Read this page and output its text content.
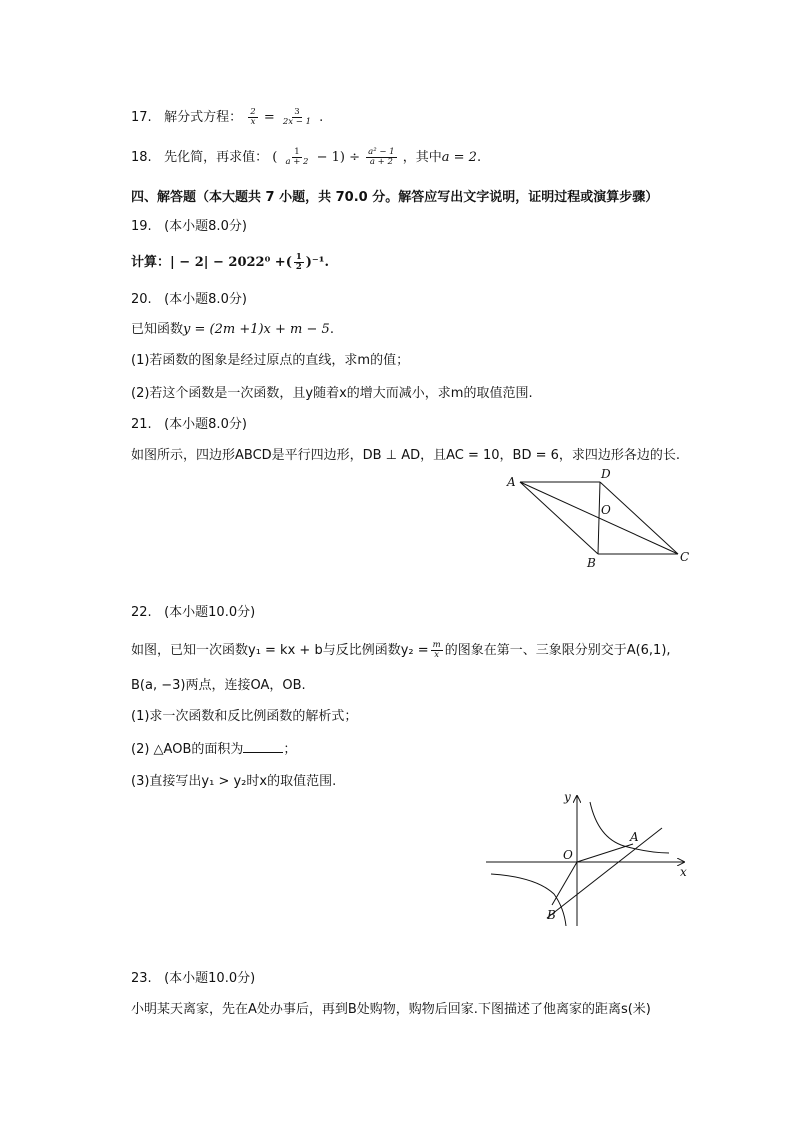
17. 解分式方程： $\frac{2}{x} = \frac{3}{2x - 1}$ .
18. 先化简，再求值： ( $\frac{1}{a + 2} - 1) \div \frac{\text{a² − 1}}{a + 2}$ ，其中a = 2.
四、解答题（本大题共 7 小题，共 70.0 分。解答应写出文字说明，证明过程或演算步骤）
19. (本小题8.0分)
计算：| − 2| − 2022⁰ +( $\frac{1}{2} )^{-1}$.
20. (本小题8.0分)
已知函数y = (2m +1)x + m − 5.
(1)若函数的图象是经过原点的直线，求m的值；
(2)若这个函数是一次函数，且y随着x的增大而减小，求m的取值范围.
21. (本小题8.0分)
如图所示，四边形ABCD是平行四边形，DB ⊥ AD，且AC = 10，BD = 6，求四边形各边的长.
A
D
O
B	C
22. (本小题10.0分)
如图，已知一次函数y₁ = kx + b与反比例函数$y_2 = \frac{m}{x}$ 的图象在第一、三象限分别交于A(6,1),
B(a, −3)两点，连接OA，OB.
(1)求一次函数和反比例函数的解析式；
(2) △AOB的面积为	；
(3)直接写出y₁ > y₂时x的取值范围.
y
x
O
A
B
23. (本小题10.0分)
小明某天离家，先在A处办事后，再到B处购物，购物后回家.下图描述了他离家的距离s(米)
